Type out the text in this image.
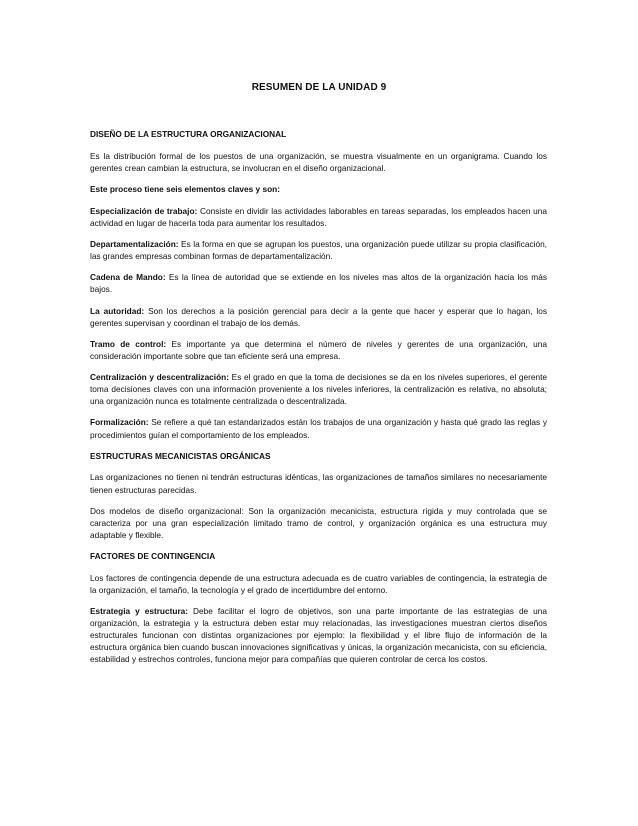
RESUMEN DE LA UNIDAD 9

DISEÑO DE LA ESTRUCTURA ORGANIZACIONAL

Es la distribución formal de los puestos de una organización, se muestra visualmente en un organigrama. Cuando los gerentes crean cambian la estructura, se involucran en el diseño organizacional.

Este proceso tiene seis elementos claves y son:

Especialización de trabajo: Consiste en dividir las actividades laborables en tareas separadas, los empleados hacen una actividad en lugar de hacerla toda para aumentar los resultados.

Departamentalización: Es la forma en que se agrupan los puestos, una organización puede utilizar su propia clasificación, las grandes empresas combinan formas de departamentalización.

Cadena de Mando: Es la línea de autoridad que se extiende en los niveles mas altos de la organización hacia los más bajos.

La autoridad: Son los derechos a la posición gerencial para decir a la gente que hacer y esperar que lo hagan, los gerentes supervisan y coordinan el trabajo de los demás.

Tramo de control: Es importante ya que determina el número de niveles y gerentes de una organización, una consideración importante sobre que tan eficiente será una empresa.

Centralización y descentralización: Es el grado en que la toma de decisiones se da en los niveles superiores, el gerente toma decisiones claves con una información proveniente a los niveles inferiores, la centralización es relativa, no absoluta; una organización nunca es totalmente centralizada o descentralizada.

Formalización: Se refiere a qué tan estandarizados están los trabajos de una organización y hasta qué grado las reglas y procedimientos guían el comportamiento de los empleados.

ESTRUCTURAS MECANICISTAS ORGÁNICAS

Las organizaciones no tienen ni tendrán estructuras idénticas, las organizaciones de tamaños similares no necesariamente tienen estructuras parecidas.

Dos modelos de diseño organizacional: Son la organización mecanicista, estructura rígida y muy controlada que se caracteriza por una gran especialización limitado tramo de control, y organización orgánica es una estructura muy adaptable y flexible.

FACTORES DE CONTINGENCIA

Los factores de contingencia depende de una estructura adecuada es de cuatro variables de contingencia, la estrategia de la organización, el tamaño, la tecnología y el grado de incertidumbre del entorno.

Estrategia y estructura: Debe facilitar el logro de objetivos, son una parte importante de las estrategias de una organización, la estrategia y la estructura deben estar muy relacionadas, las investigaciones muestran ciertos diseños estructurales funcionan con distintas organizaciones por ejemplo: la flexibilidad y el libre flujo de información de la estructura orgánica bien cuando buscan innovaciones significativas y únicas, la organización mecanicista, con su eficiencia, estabilidad y estrechos controles, funciona mejor para compañías que quieren controlar de cerca los costos.
